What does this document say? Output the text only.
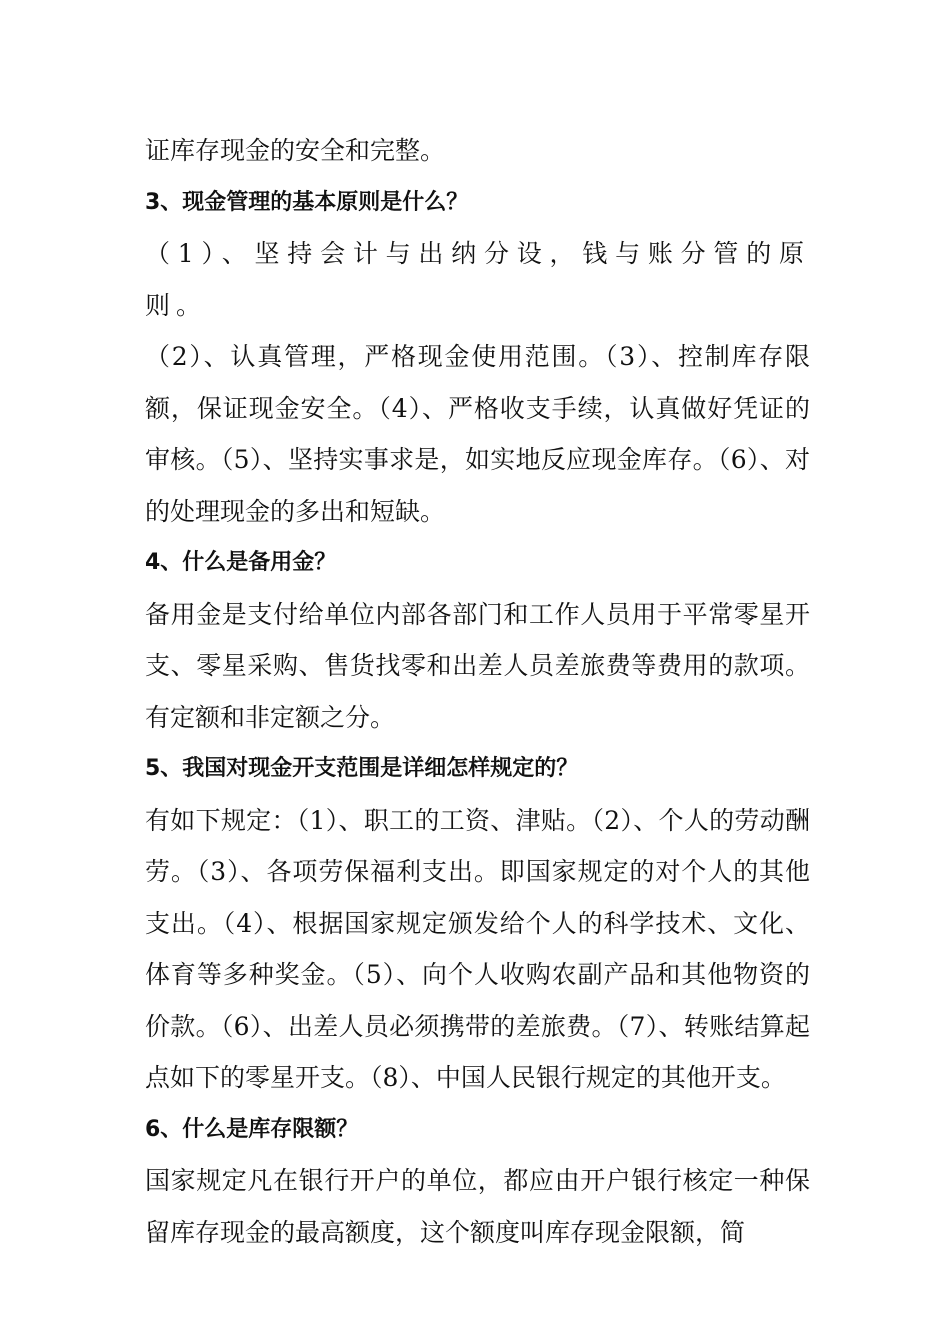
证库存现金的安全和完整。

3、现金管理的基本原则是什么？

（1）、坚持会计与出纳分设，钱与账分管的原则。

（2）、认真管理，严格现金使用范围。（3）、控制库存限额，保证现金安全。（4）、严格收支手续，认真做好凭证的审核。（5）、坚持实事求是，如实地反应现金库存。（6）、对的处理现金的多出和短缺。

4、什么是备用金？

备用金是支付给单位内部各部门和工作人员用于平常零星开支、零星采购、售货找零和出差人员差旅费等费用的款项。有定额和非定额之分。

5、我国对现金开支范围是详细怎样规定的？

有如下规定：（1）、职工的工资、津贴。（2）、个人的劳动酬劳。（3）、各项劳保福利支出。即国家规定的对个人的其他支出。（4）、根据国家规定颁发给个人的科学技术、文化、体育等多种奖金。（5）、向个人收购农副产品和其他物资的价款。（6）、出差人员必须携带的差旅费。（7）、转账结算起点如下的零星开支。（8）、中国人民银行规定的其他开支。

6、什么是库存限额？

国家规定凡在银行开户的单位，都应由开户银行核定一种保留库存现金的最高额度，这个额度叫库存现金限额，简
